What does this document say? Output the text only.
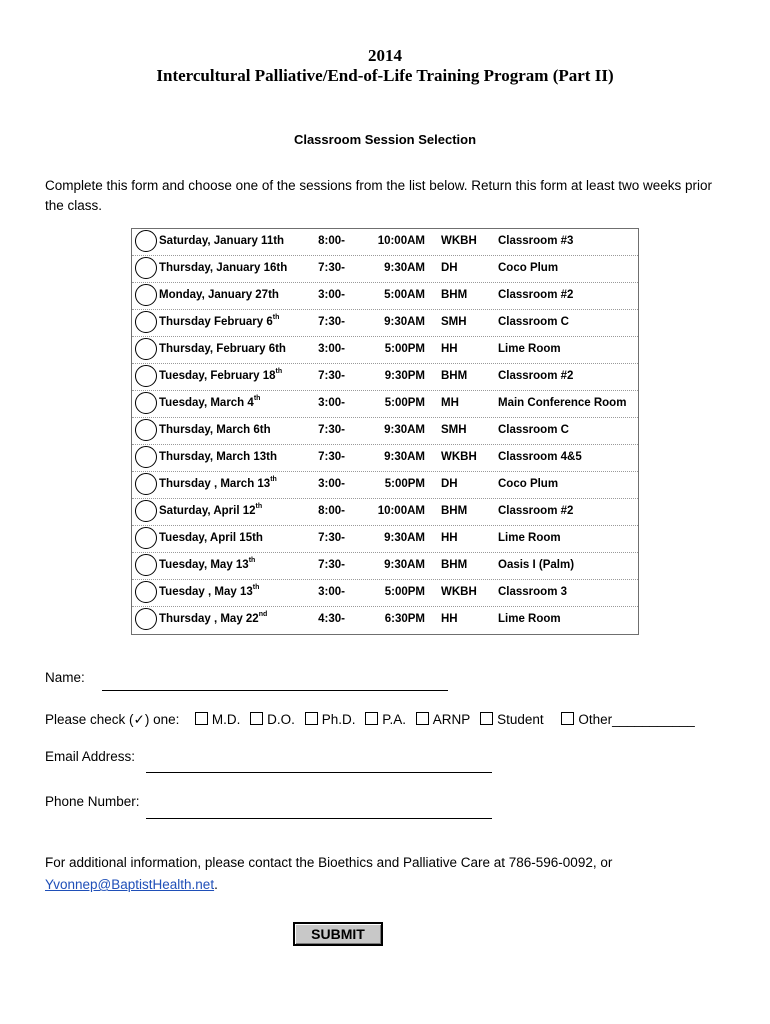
2014
Intercultural Palliative/End-of-Life Training Program (Part II)
Classroom Session Selection
Complete this form and choose one of the sessions from the list below. Return this form at least two weeks prior the class.
Saturday, January 11th	8:00-	10:00AM WKBH Classroom #3
Thursday, January 16th	7:30-	9:30AM DH	Coco Plum
Monday, January 27th	3:00-	5:00AM BHM	Classroom #2
Thursday February 6th	7:30-	9:30AM SMH	Classroom C
Thursday, February 6th	3:00-	5:00PM HH	Lime Room
Tuesday, February 18th	7:30-	9:30PM BHM	Classroom #2
Tuesday, March 4th	3:00-	5:00PM MH	Main Conference Room
Thursday, March 6th	7:30-	9:30AM SMH	Classroom C
Thursday, March 13th	7:30-	9:30AM WKBH Classroom 4&5
Thursday , March 13th	3:00-	5:00PM DH	Coco Plum
Saturday, April 12th	8:00-	10:00AM BHM	Classroom #2
Tuesday, April 15th	7:30-	9:30AM HH	Lime Room
Tuesday, May 13th	7:30-	9:30AM BHM	Oasis I (Palm)
Tuesday , May 13th	3:00-	5:00PM WKBH Classroom 3
Thursday , May 22nd	4:30-	6:30PM HH	Lime Room
Name:
Please check (✓) one: M.D. D.O. Ph.D. P.A. ARNP Student	Other___________
Email Address:
Phone Number:
For additional information, please contact the Bioethics and Palliative Care at 786-596-0092, or
Yvonnep@BaptistHealth.net.
SUBMIT
